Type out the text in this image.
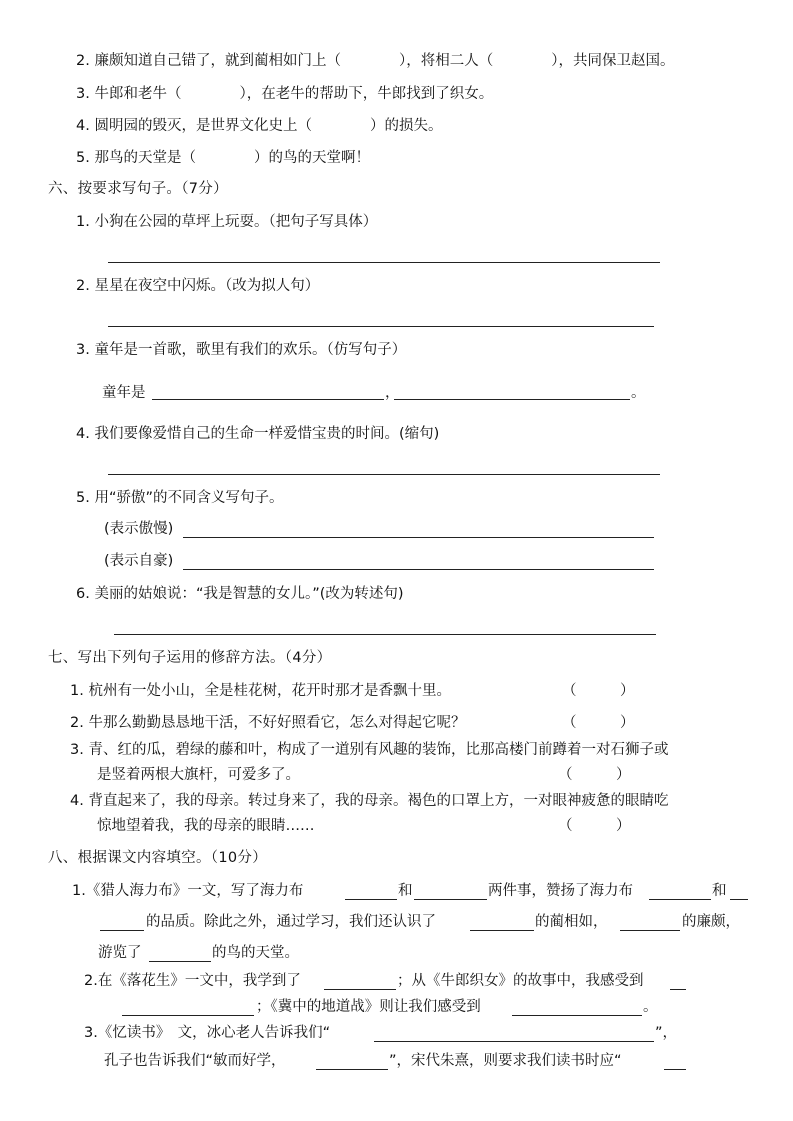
2. 廉颇知道自己错了，就到蔺相如门上（　　　　），将相二人（　　　　），共同保卫赵国。
3. 牛郎和老牛（　　　　），在老牛的帮助下，牛郎找到了织女。
4. 圆明园的毁灭，是世界文化史上（　　　　）的损失。
5. 那鸟的天堂是（　　　　）的鸟的天堂啊！
六、按要求写句子。（7分）
1. 小狗在公园的草坪上玩耍。（把句子写具体）
2. 星星在夜空中闪烁。（改为拟人句）
3. 童年是一首歌，歌里有我们的欢乐。（仿写句子）
童年是	，	。
4. 我们要像爱惜自己的生命一样爱惜宝贵的时间。(缩句)
5. 用“骄傲”的不同含义写句子。
(表示傲慢)
(表示自豪)
6. 美丽的姑娘说：“我是智慧的女儿。”(改为转述句)
七、写出下列句子运用的修辞方法。（4分）
1. 杭州有一处小山，全是桂花树，花开时那才是香飘十里。	（　　　）
2. 牛那么勤勤恳恳地干活，不好好照看它，怎么对得起它呢？	（　　　）
3. 青、红的瓜，碧绿的藤和叶，构成了一道别有风趣的装饰，比那高楼门前蹲着一对石狮子或
是竖着两根大旗杆，可爱多了。	（　　　）
4. 背直起来了，我的母亲。转过身来了，我的母亲。褐色的口罩上方，一对眼神疲惫的眼睛吃
惊地望着我，我的母亲的眼睛……	（　　　）
八、根据课文内容填空。（10分）
1.《猎人海力布》一文，写了海力布	和	两件事，赞扬了海力布	和
的品质。除此之外，通过学习，我们还认识了	的蔺相如，	的廉颇，
游览了	的鸟的天堂。
2.在《落花生》一文中，我学到了	；从《牛郎织女》的故事中，我感受到
；《冀中的地道战》则让我们感受到	。
3.《忆读书》　文，冰心老人告诉我们“	”，
孔子也告诉我们“敏而好学，	”，宋代朱熹，则要求我们读书时应“
